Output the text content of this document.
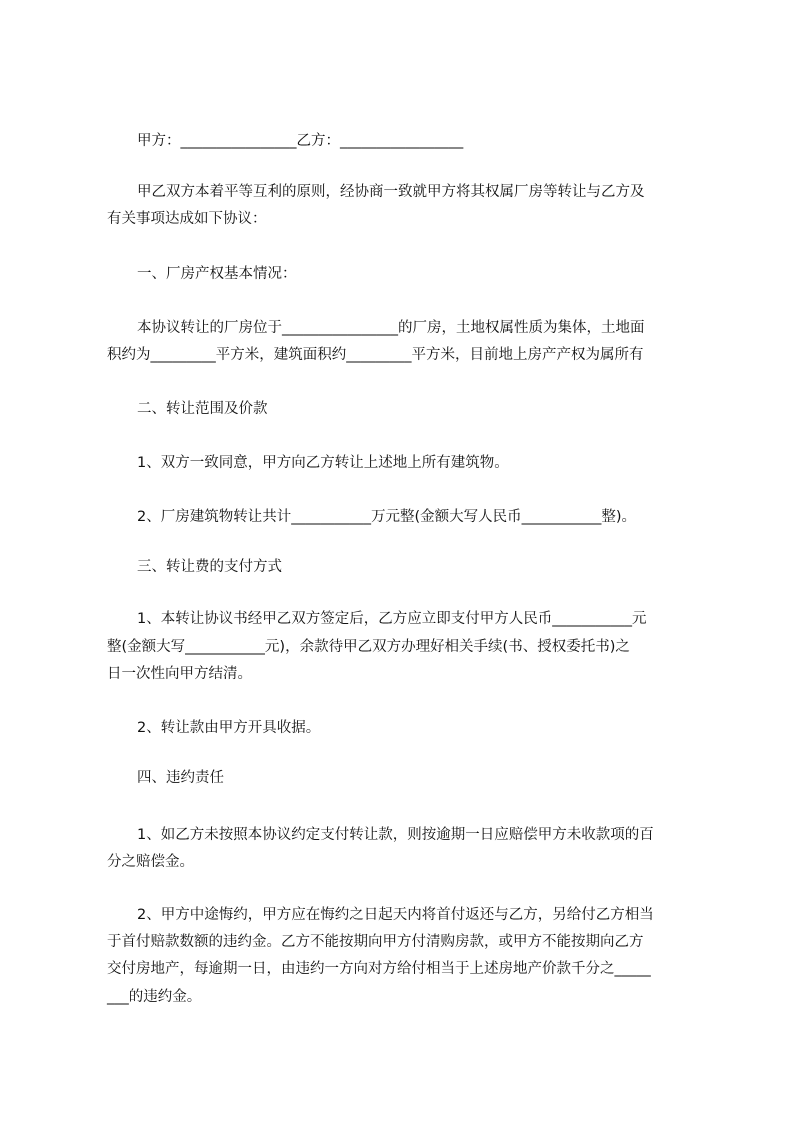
甲方：________________乙方：_________________
甲乙双方本着平等互利的原则，经协商一致就甲方将其权属厂房等转让与乙方及
有关事项达成如下协议：
一、厂房产权基本情况：
本协议转让的厂房位于________________的厂房，土地权属性质为集体，土地面
积约为_________平方米，建筑面积约_________平方米，目前地上房产产权为属所有
二、转让范围及价款
1、双方一致同意，甲方向乙方转让上述地上所有建筑物。
2、厂房建筑物转让共计___________万元整(金额大写人民币___________整)。
三、转让费的支付方式
1、本转让协议书经甲乙双方签定后，乙方应立即支付甲方人民币___________元
整(金额大写___________元)，余款待甲乙双方办理好相关手续(书、授权委托书)之
日一次性向甲方结清。
2、转让款由甲方开具收据。
四、违约责任
1、如乙方未按照本协议约定支付转让款，则按逾期一日应赔偿甲方未收款项的百
分之赔偿金。
2、甲方中途悔约，甲方应在悔约之日起天内将首付返还与乙方，另给付乙方相当
于首付赔款数额的违约金。乙方不能按期向甲方付清购房款，或甲方不能按期向乙方
交付房地产，每逾期一日，由违约一方向对方给付相当于上述房地产价款千分之_____
___的违约金。
